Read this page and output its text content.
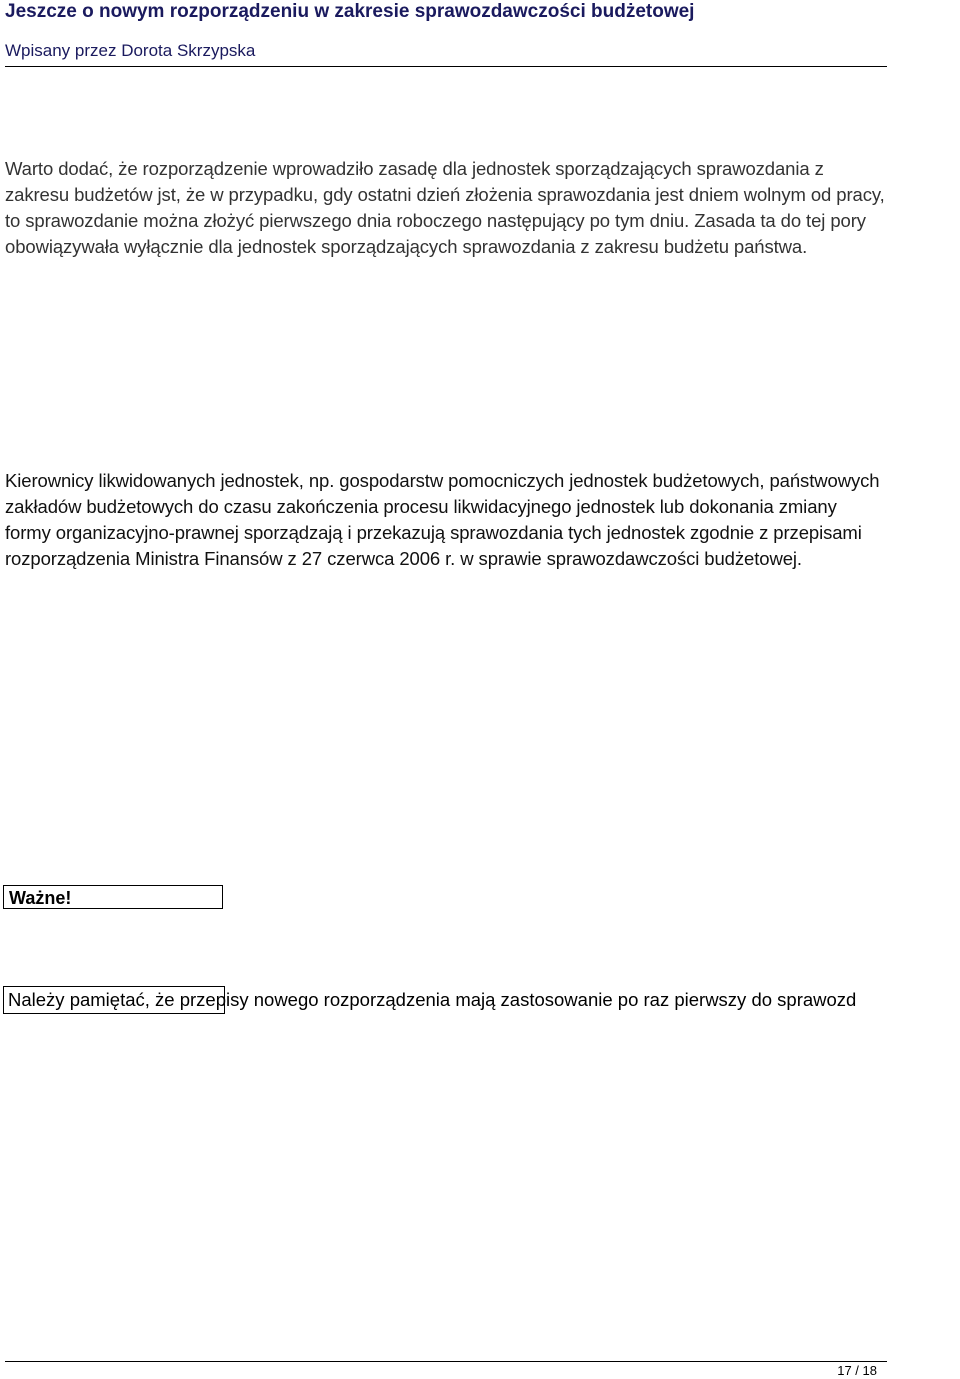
Jeszcze o nowym rozporządzeniu w zakresie sprawozdawczości budżetowej
Wpisany przez Dorota Skrzypska
Warto dodać, że rozporządzenie wprowadziło zasadę dla jednostek sporządzających sprawozdania z zakresu budżetów jst, że w przypadku, gdy ostatni dzień złożenia sprawozdania jest dniem wolnym od pracy, to sprawozdanie można złożyć pierwszego dnia roboczego następujący po tym dniu. Zasada ta do tej pory obowiązywała wyłącznie dla jednostek sporządzających sprawozdania z zakresu budżetu państwa.
Kierownicy likwidowanych jednostek, np. gospodarstw pomocniczych jednostek budżetowych, państwowych zakładów budżetowych do czasu zakończenia procesu likwidacyjnego jednostek lub dokonania zmiany formy organizacyjno-prawnej sporządzają i przekazują sprawozdania tych jednostek zgodnie z przepisami rozporządzenia Ministra Finansów z 27 czerwca 2006 r. w sprawie sprawozdawczości budżetowej.
Ważne!
Należy pamiętać, że przepisy nowego rozporządzenia mają zastosowanie po raz pierwszy do sprawozd
17 / 18
